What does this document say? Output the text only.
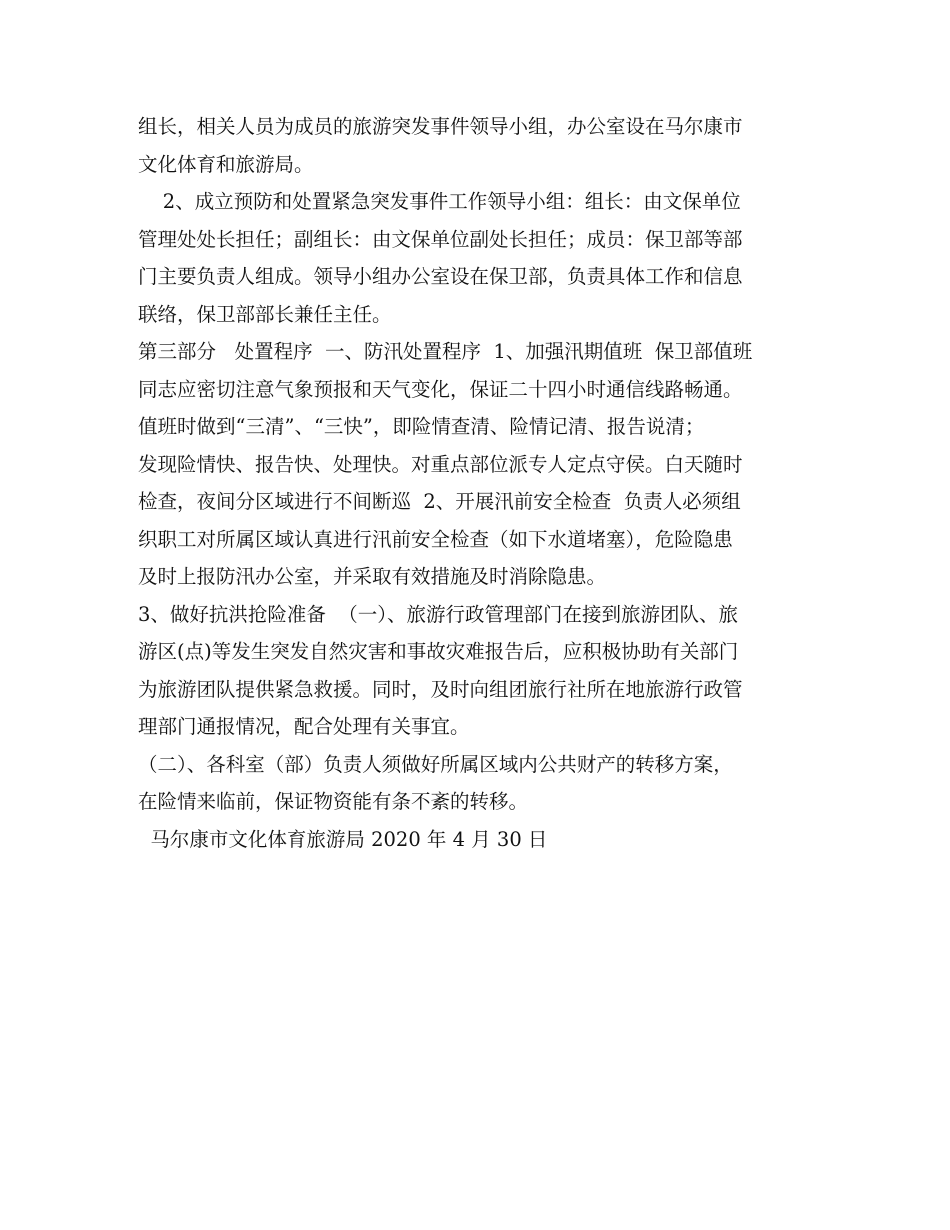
组长，相关人员为成员的旅游突发事件领导小组，办公室设在马尔康市
文化体育和旅游局。
2、成立预防和处置紧急突发事件工作领导小组：组长：由文保单位
管理处处长担任；副组长：由文保单位副处长担任；成员：保卫部等部
门主要负责人组成。领导小组办公室设在保卫部，负责具体工作和信息
联络，保卫部部长兼任主任。
第三部分   处置程序  一、防汛处置程序  1、加强汛期值班  保卫部值班
同志应密切注意气象预报和天气变化，保证二十四小时通信线路畅通。
值班时做到“三清”、“三快”，即险情查清、险情记清、报告说清；
发现险情快、报告快、处理快。对重点部位派专人定点守侯。白天随时
检查，夜间分区域进行不间断巡  2、开展汛前安全检查  负责人必须组
织职工对所属区域认真进行汛前安全检查（如下水道堵塞），危险隐患
及时上报防汛办公室，并采取有效措施及时消除隐患。
3、做好抗洪抢险准备  （一）、旅游行政管理部门在接到旅游团队、旅
游区(点)等发生突发自然灾害和事故灾难报告后，应积极协助有关部门
为旅游团队提供紧急救援。同时，及时向组团旅行社所在地旅游行政管
理部门通报情况，配合处理有关事宜。
（二）、各科室（部）负责人须做好所属区域内公共财产的转移方案，
在险情来临前，保证物资能有条不紊的转移。
马尔康市文化体育旅游局 2020 年 4 月 30 日
